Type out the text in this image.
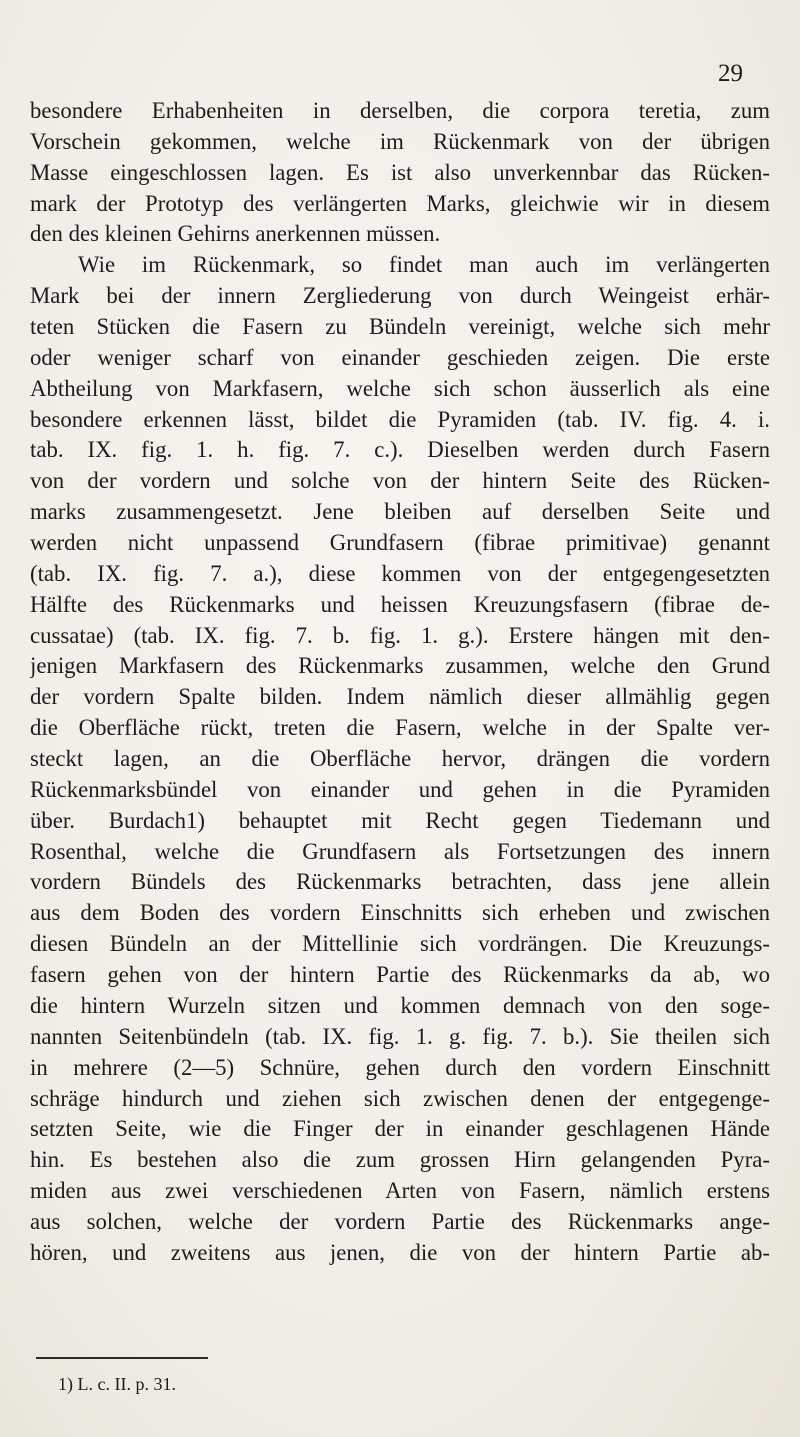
29
besondere Erhabenheiten in derselben, die corpora teretia, zum
Vorschein gekommen, welche im Rückenmark von der übrigen
Masse eingeschlossen lagen. Es ist also unverkennbar das Rücken-
mark der Prototyp des verlängerten Marks, gleichwie wir in diesem
den des kleinen Gehirns anerkennen müssen.
Wie im Rückenmark, so findet man auch im verlängerten
Mark bei der innern Zergliederung von durch Weingeist erhär-
teten Stücken die Fasern zu Bündeln vereinigt, welche sich mehr
oder weniger scharf von einander geschieden zeigen. Die erste
Abtheilung von Markfasern, welche sich schon äusserlich als eine
besondere erkennen lässt, bildet die Pyramiden (tab. IV. fig. 4. i.
tab. IX. fig. 1. h. fig. 7. c.). Dieselben werden durch Fasern
von der vordern und solche von der hintern Seite des Rücken-
marks zusammengesetzt. Jene bleiben auf derselben Seite und
werden nicht unpassend Grundfasern (fibrae primitivae) genannt
(tab. IX. fig. 7. a.), diese kommen von der entgegengesetzten
Hälfte des Rückenmarks und heissen Kreuzungsfasern (fibrae de-
cussatae) (tab. IX. fig. 7. b. fig. 1. g.). Erstere hängen mit den-
jenigen Markfasern des Rückenmarks zusammen, welche den Grund
der vordern Spalte bilden. Indem nämlich dieser allmählig gegen
die Oberfläche rückt, treten die Fasern, welche in der Spalte ver-
steckt lagen, an die Oberfläche hervor, drängen die vordern
Rückenmarksbündel von einander und gehen in die Pyramiden
über. Burdach1) behauptet mit Recht gegen Tiedemann und
Rosenthal, welche die Grundfasern als Fortsetzungen des innern
vordern Bündels des Rückenmarks betrachten, dass jene allein
aus dem Boden des vordern Einschnitts sich erheben und zwischen
diesen Bündeln an der Mittellinie sich vordrängen. Die Kreuzungs-
fasern gehen von der hintern Partie des Rückenmarks da ab, wo
die hintern Wurzeln sitzen und kommen demnach von den soge-
nannten Seitenbündeln (tab. IX. fig. 1. g. fig. 7. b.). Sie theilen sich
in mehrere (2—5) Schnüre, gehen durch den vordern Einschnitt
schräge hindurch und ziehen sich zwischen denen der entgegenge-
setzten Seite, wie die Finger der in einander geschlagenen Hände
hin. Es bestehen also die zum grossen Hirn gelangenden Pyra-
miden aus zwei verschiedenen Arten von Fasern, nämlich erstens
aus solchen, welche der vordern Partie des Rückenmarks ange-
hören, und zweitens aus jenen, die von der hintern Partie ab-
1) L. c. II. p. 31.
